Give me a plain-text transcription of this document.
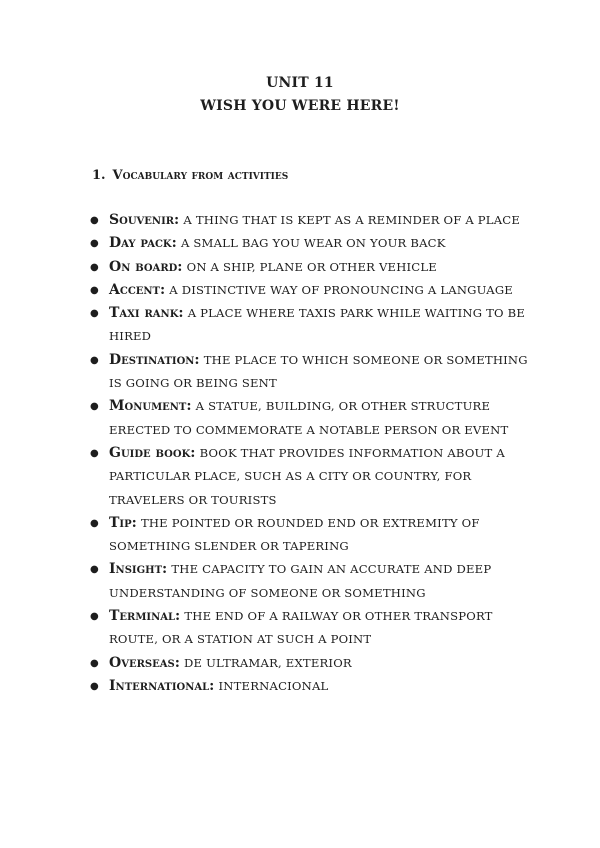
UNIT 11
WISH YOU WERE HERE!
1. Vocabulary from activities
● Souvenir: A THING THAT IS KEPT AS A REMINDER OF A PLACE
● Day pack: A SMALL BAG YOU WEAR ON YOUR BACK
● On board: ON A SHIP, PLANE OR OTHER VEHICLE
● Accent: A DISTINCTIVE WAY OF PRONOUNCING A LANGUAGE
● Taxi rank: A PLACE WHERE TAXIS PARK WHILE WAITING TO BE HIRED
● Destination: THE PLACE TO WHICH SOMEONE OR SOMETHING IS GOING OR BEING SENT
● Monument: A STATUE, BUILDING, OR OTHER STRUCTURE ERECTED TO COMMEMORATE A NOTABLE PERSON OR EVENT
● Guide book: BOOK THAT PROVIDES INFORMATION ABOUT A PARTICULAR PLACE, SUCH AS A CITY OR COUNTRY, FOR TRAVELERS OR TOURISTS
● Tip: THE POINTED OR ROUNDED END OR EXTREMITY OF SOMETHING SLENDER OR TAPERING
● Insight: THE CAPACITY TO GAIN AN ACCURATE AND DEEP UNDERSTANDING OF SOMEONE OR SOMETHING
● Terminal: THE END OF A RAILWAY OR OTHER TRANSPORT ROUTE, OR A STATION AT SUCH A POINT
● Overseas: DE ULTRAMAR, EXTERIOR
● International: INTERNACIONAL
